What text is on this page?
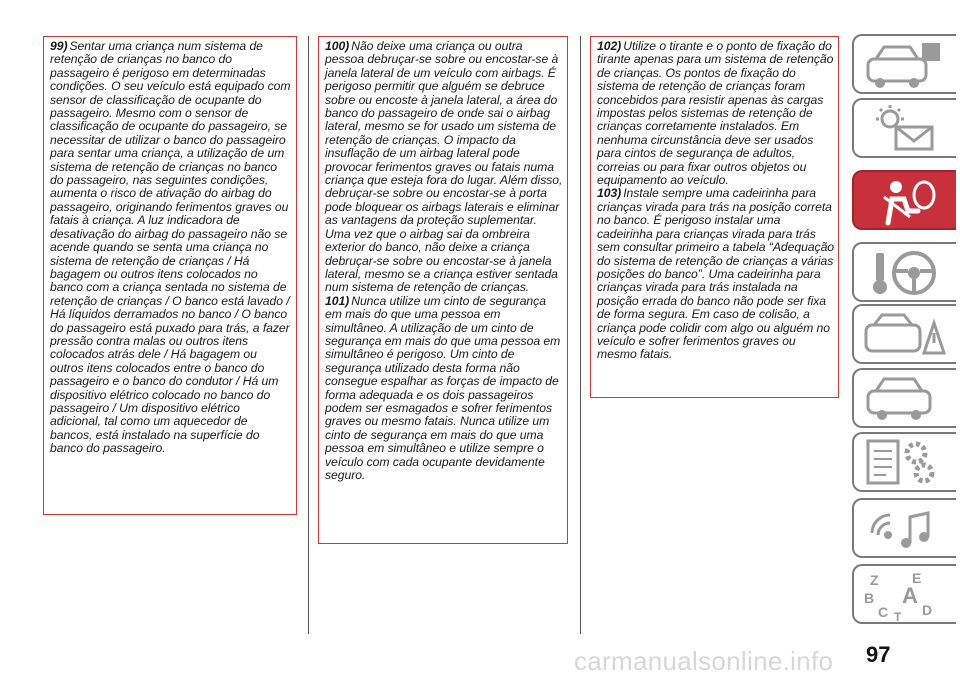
99) Sentar uma criança num sistema de retenção de crianças no banco do passageiro é perigoso em determinadas condições. O seu veículo está equipado com sensor de classificação de ocupante do passageiro. Mesmo com o sensor de classificação de ocupante do passageiro, se necessitar de utilizar o banco do passageiro para sentar uma criança, a utilização de um sistema de retenção de crianças no banco do passageiro, nas seguintes condições, aumenta o risco de ativação do airbag do passageiro, originando ferimentos graves ou fatais à criança. A luz indicadora de desativação do airbag do passageiro não se acende quando se senta uma criança no sistema de retenção de crianças / Há bagagem ou outros itens colocados no banco com a criança sentada no sistema de retenção de crianças / O banco está lavado / Há líquidos derramados no banco / O banco do passageiro está puxado para trás, a fazer pressão contra malas ou outros itens colocados atrás dele / Há bagagem ou outros itens colocados entre o banco do passageiro e o banco do condutor / Há um dispositivo elétrico colocado no banco do passageiro / Um dispositivo elétrico adicional, tal como um aquecedor de bancos, está instalado na superfície do banco do passageiro.

100) Não deixe uma criança ou outra pessoa debruçar-se sobre ou encostar-se à janela lateral de um veículo com airbags. É perigoso permitir que alguém se debruce sobre ou encoste à janela lateral, a área do banco do passageiro de onde sai o airbag lateral, mesmo se for usado um sistema de retenção de crianças. O impacto da insuflação de um airbag lateral pode provocar ferimentos graves ou fatais numa criança que esteja fora do lugar. Além disso, debruçar-se sobre ou encostar-se à porta pode bloquear os airbags laterais e eliminar as vantagens da proteção suplementar. Uma vez que o airbag sai da ombreira exterior do banco, não deixe a criança debruçar-se sobre ou encostar-se à janela lateral, mesmo se a criança estiver sentada num sistema de retenção de crianças.

101) Nunca utilize um cinto de segurança em mais do que uma pessoa em simultâneo. A utilização de um cinto de segurança em mais do que uma pessoa em simultâneo é perigoso. Um cinto de segurança utilizado desta forma não consegue espalhar as forças de impacto de forma adequada e os dois passageiros podem ser esmagados e sofrer ferimentos graves ou mesmo fatais. Nunca utilize um cinto de segurança em mais do que uma pessoa em simultâneo e utilize sempre o veículo com cada ocupante devidamente seguro.

102) Utilize o tirante e o ponto de fixação do tirante apenas para um sistema de retenção de crianças. Os pontos de fixação do sistema de retenção de crianças foram concebidos para resistir apenas às cargas impostas pelos sistemas de retenção de crianças corretamente instalados. Em nenhuma circunstância deve ser usados para cintos de segurança de adultos, correias ou para fixar outros objetos ou equipamento ao veículo.

103) Instale sempre uma cadeirinha para crianças virada para trás na posição correta no banco. É perigoso instalar uma cadeirinha para crianças virada para trás sem consultar primeiro a tabela “Adequação do sistema de retenção de crianças a várias posições do banco”. Uma cadeirinha para crianças virada para trás instalada na posição errada do banco não pode ser fixa de forma segura. Em caso de colisão, a criança pode colidir com algo ou alguém no veículo e sofrer ferimentos graves ou mesmo fatais.

Z E
B A
C D
T
carmanualsonline.info 97
